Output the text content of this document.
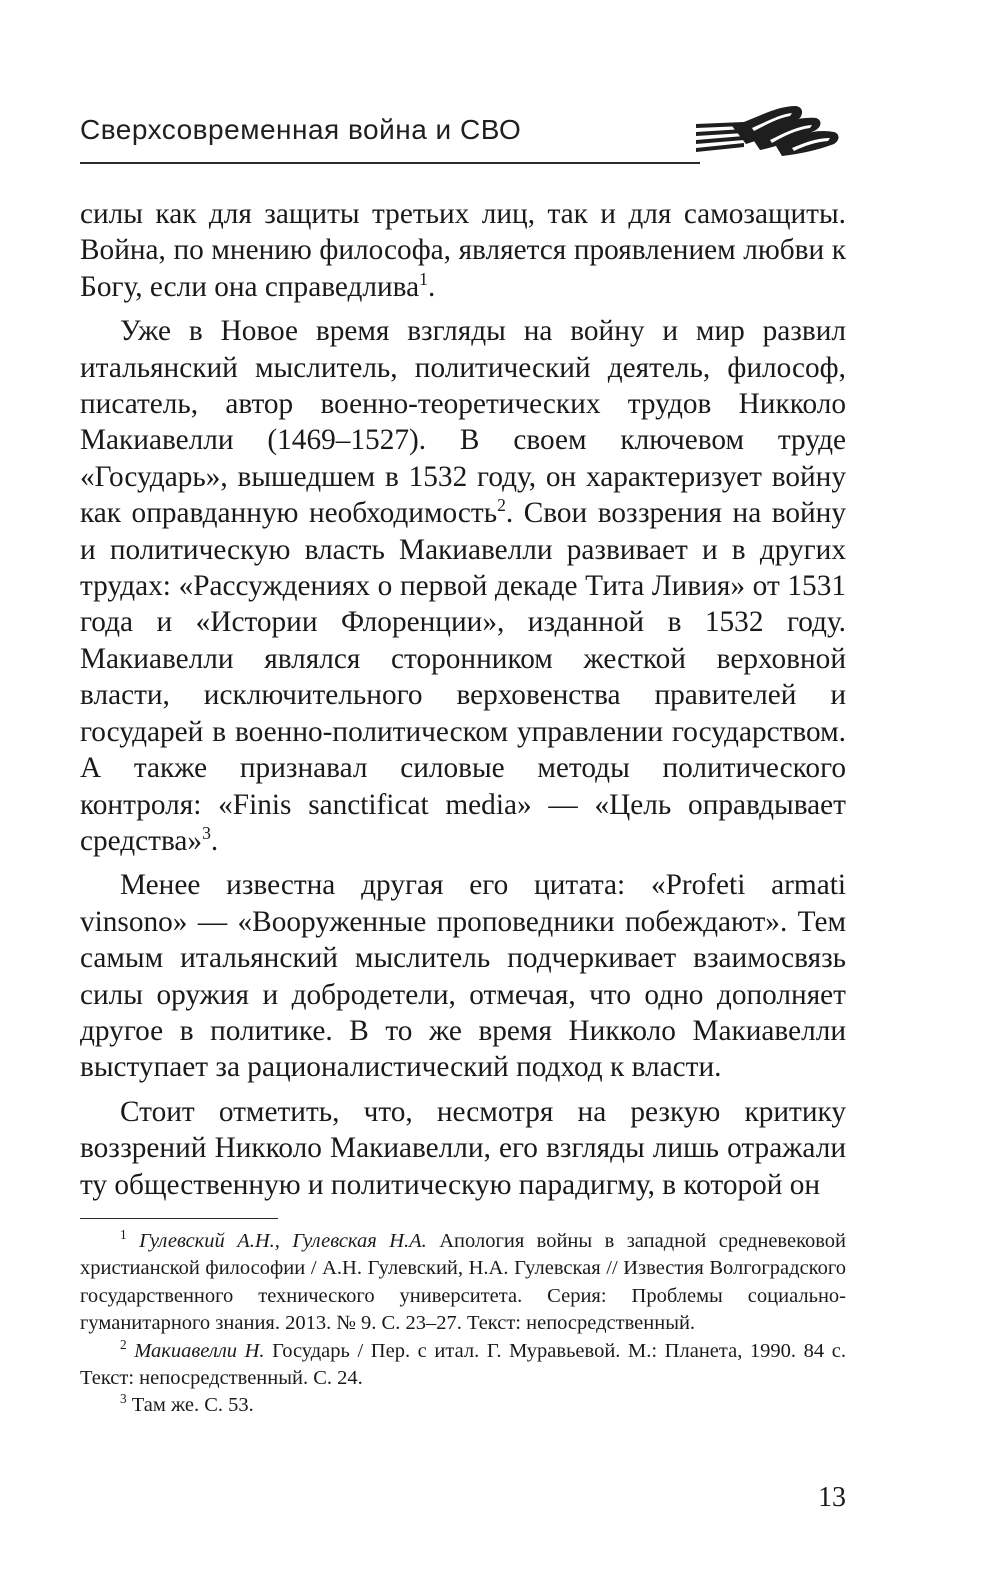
Сверхсовременная война и СВО

силы как для защиты третьих лиц, так и для самозащиты. Война, по мнению философа, является проявлением любви к Богу, если она справедлива$^1$.

Уже в Новое время взгляды на войну и мир развил итальянский мыслитель, политический деятель, философ, писатель, автор военно-теоретических трудов Никколо Макиавелли (1469–1527). В своем ключевом труде «Государь», вышедшем в 1532 году, он характеризует войну как оправданную необходимость$^2$. Свои воззрения на войну и политическую власть Макиавелли развивает и в других трудах: «Рассуждениях о первой декаде Тита Ливия» от 1531 года и «Истории Флоренции», изданной в 1532 году. Макиавелли являлся сторонником жесткой верховной власти, исключительного верховенства правителей и государей в военно-политическом управлении государством. А также признавал силовые методы политического контроля: «Finis sanctificat media» — «Цель оправдывает средства»$^3$.

Менее известна другая его цитата: «Profeti armati vinsono» — «Вооруженные проповедники побеждают». Тем самым итальянский мыслитель подчеркивает взаимосвязь силы оружия и добродетели, отмечая, что одно дополняет другое в политике. В то же время Никколо Макиавелли выступает за рационалистический подход к власти.

Стоит отметить, что, несмотря на резкую критику воззрений Никколо Макиавелли, его взгляды лишь отражали ту общественную и политическую парадигму, в которой он

$^1$ Гулевский А.Н., Гулевская Н.А. Апология войны в западной средневековой христианской философии / А.Н. Гулевский, Н.А. Гулевская // Известия Волгоградского государственного технического университета. Серия: Проблемы социально-гуманитарного знания. 2013. № 9. С. 23–27. Текст: непосредственный.

$^2$ Макиавелли Н. Государь / Пер. с итал. Г. Муравьевой. М.: Планета, 1990. 84 с. Текст: непосредственный. С. 24.

$^3$ Там же. С. 53.

13
